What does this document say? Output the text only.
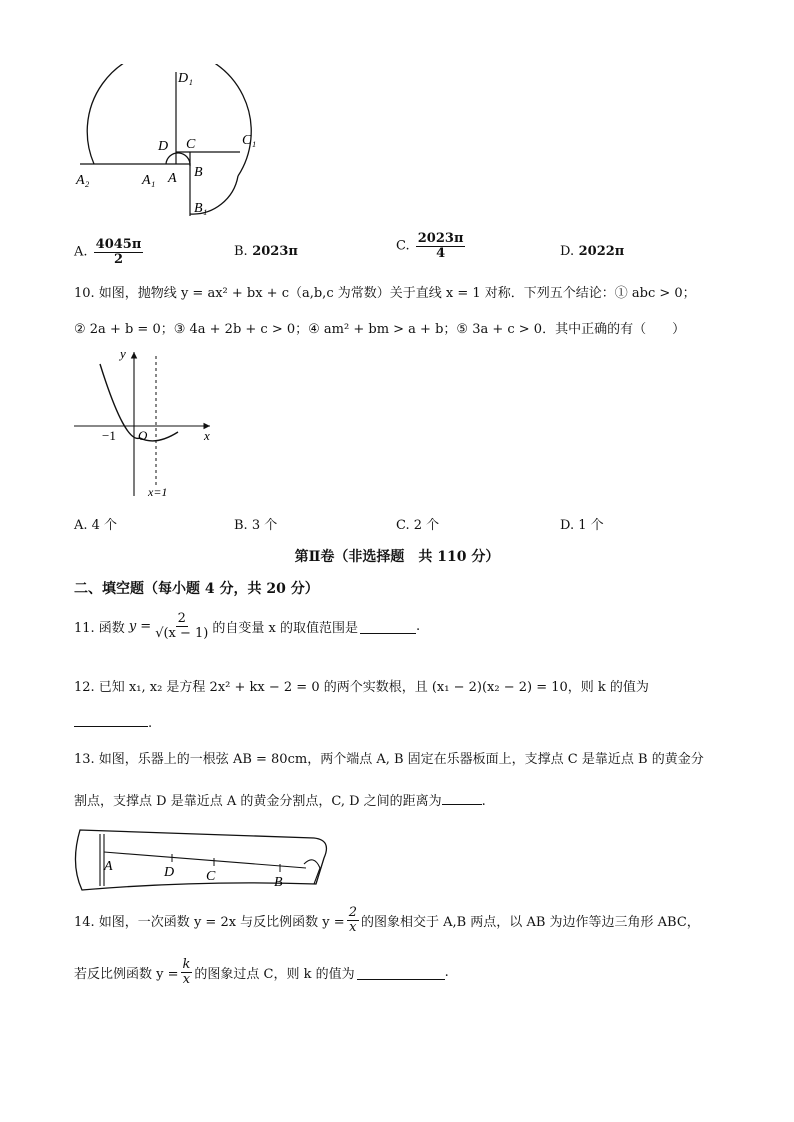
D₁
C₁
A₂	A₁
D C
A B
B₁
A. $\frac{4045\pi}{2}$	B. 2023π	C. $\frac{2023\pi}{4}$	D. 2022π
10. 如图，抛物线 y = ax² + bx + c（a,b,c 为常数）关于直线 x = 1 对称．下列五个结论：① abc > 0；
② 2a + b = 0；③ 4a + 2b + c > 0；④ am² + bm > a + b；⑤ 3a + c > 0．其中正确的有（　　）
y
x
−1 O
x=1
A. 4 个	B. 3 个	C. 2 个	D. 1 个
第Ⅱ卷（非选择题　共 110 分）
二、填空题（每小题 4 分，共 20 分）
11. 函数 $y = \frac{2}{√(x - 1)}$ 的自变量 x 的取值范围是	.
12. 已知 x₁, x₂ 是方程 2x² + kx − 2 = 0 的两个实数根，且 (x₁ − 2)(x₂ − 2) = 10，则 k 的值为
.
13. 如图，乐器上的一根弦 AB = 80cm，两个端点 A, B 固定在乐器板面上，支撑点 C 是靠近点 B 的黄金分
割点，支撑点 D 是靠近点 A 的黄金分割点，C, D 之间的距离为	.
A	D C	B
14. 如图，一次函数 y = 2x 与反比例函数 $y = \frac{2}{x}$ 的图象相交于 A,B 两点，以 AB 为边作等边三角形 ABC，
若反比例函数 $y = \frac{k}{x}$ 的图象过点 C，则 k 的值为	.
